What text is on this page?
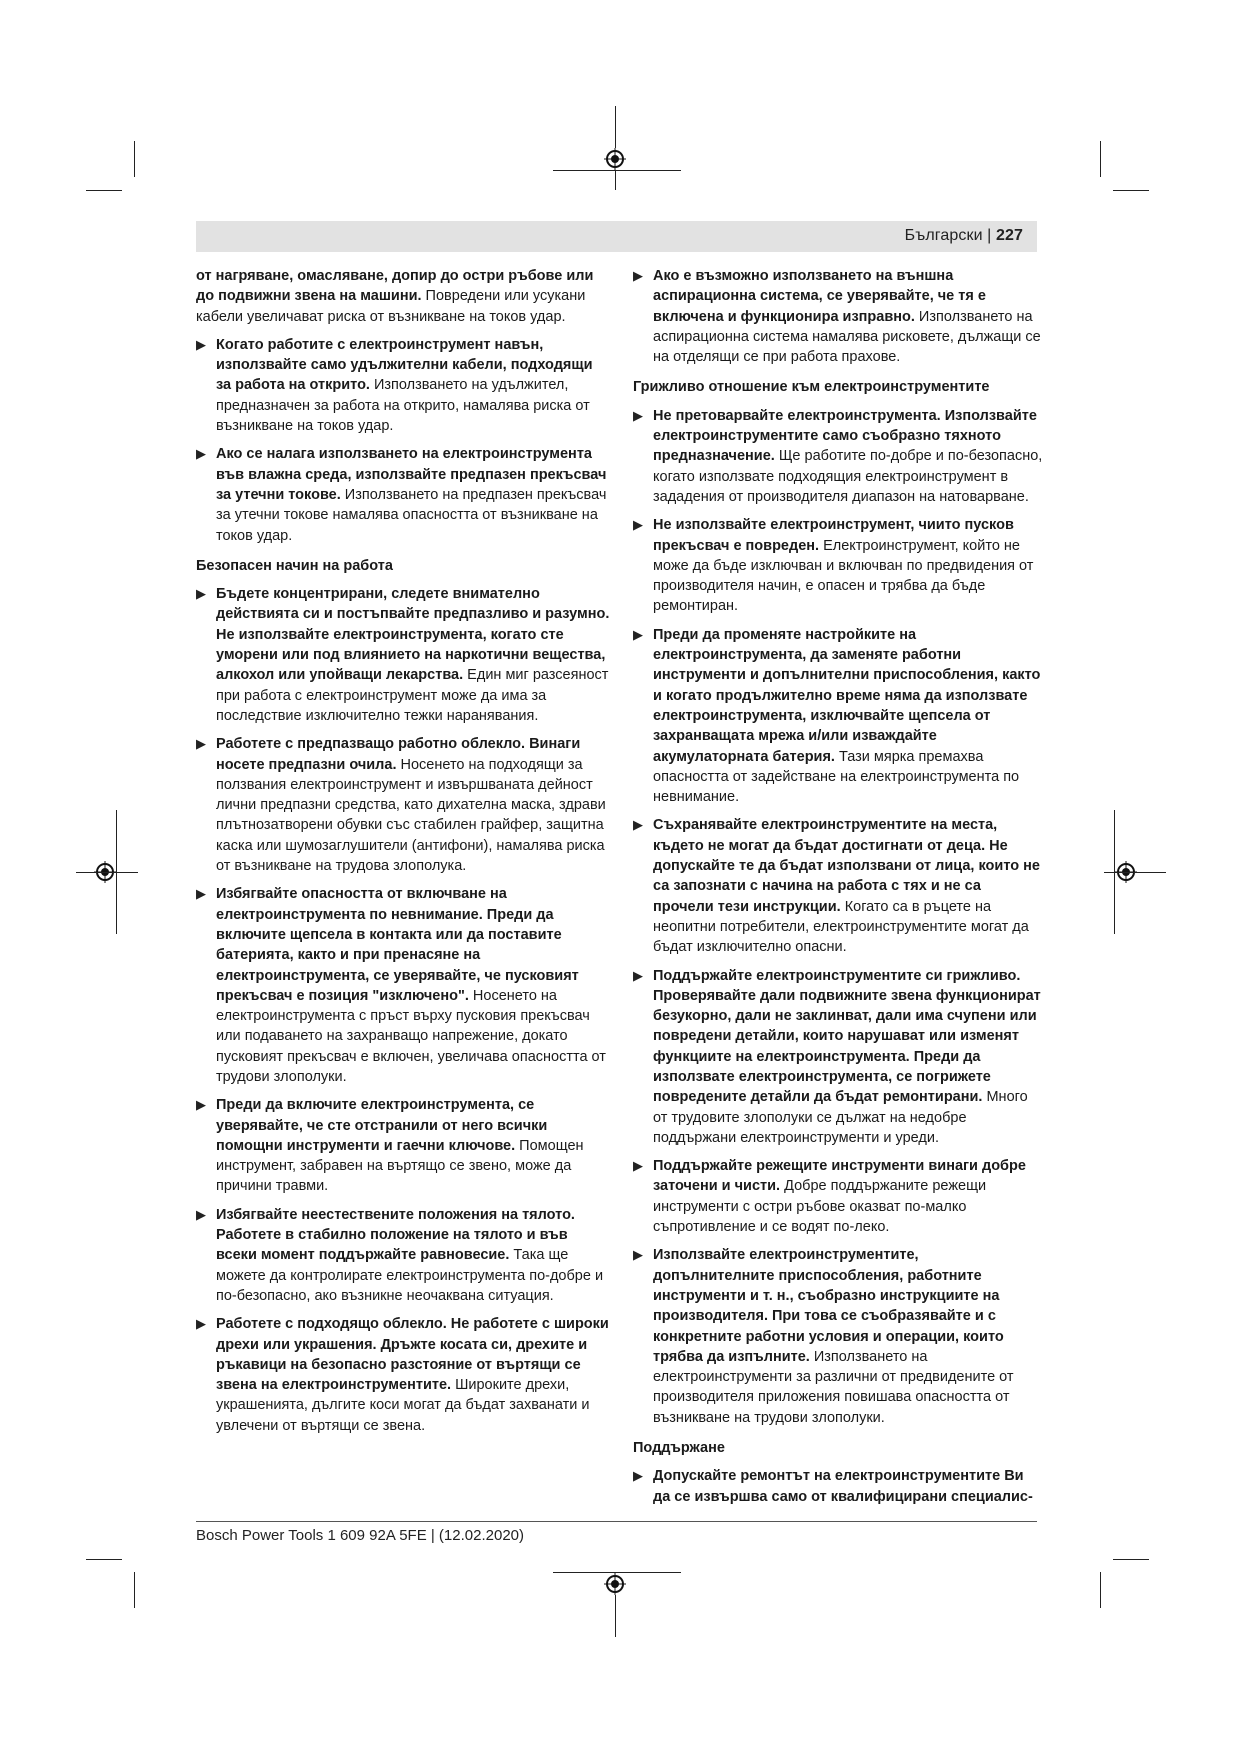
Български | 227
от нагряване, омасляване, допир до остри ръбове или до подвижни звена на машини. Повредени или усукани кабели увеличават риска от възникване на токов удар.
▶ Когато работите с електроинструмент навън, използвайте само удължителни кабели, подходящи за работа на открито. Използването на удължител, предназначен за работа на открито, намалява риска от възникване на токов удар.
▶ Ако се налага използването на електроинструмента във влажна среда, използвайте предпазен прекъсвач за утечни токове. Използването на предпазен прекъсвач за утечни токове намалява опасността от възникване на токов удар.
Безопасен начин на работа
▶ Бъдете концентрирани, следете внимателно действията си и постъпвайте предпазливо и разумно. Не използвайте електроинструмента, когато сте уморени или под влиянието на наркотични вещества, алкохол или упойващи лекарства. Един миг разсеяност при работа с електроинструмент може да има за последствие изключително тежки наранявания.
▶ Работете с предпазващо работно облекло. Винаги носете предпазни очила. Носенето на подходящи за ползвания електроинструмент и извършваната дейност лични предпазни средства, като дихателна маска, здрави плътнозатворени обувки със стабилен грайфер, защитна каска или шумозаглушители (антифони), намалява риска от възникване на трудова злополука.
▶ Избягвайте опасността от включване на електроинструмента по невнимание. Преди да включите щепсела в контакта или да поставите батерията, както и при пренасяне на електроинструмента, се уверявайте, че пусковият прекъсвач е позиция "изключено". Носенето на електроинструмента с пръст върху пусковия прекъсвач или подаването на захранващо напрежение, докато пусковият прекъсвач е включен, увеличава опасността от трудови злополуки.
▶ Преди да включите електроинструмента, се уверявайте, че сте отстранили от него всички помощни инструменти и гаечни ключове. Помощен инструмент, забравен на въртящо се звено, може да причини травми.
▶ Избягвайте неестествените положения на тялото. Работете в стабилно положение на тялото и във всеки момент поддържайте равновесие. Така ще можете да контролирате електроинструмента по-добре и по-безопасно, ако възникне неочаквана ситуация.
▶ Работете с подходящо облекло. Не работете с широки дрехи или украшения. Дръжте косата си, дрехите и ръкавици на безопасно разстояние от въртящи се звена на електроинструментите. Широките дрехи, украшенията, дългите коси могат да бъдат захванати и увлечени от въртящи се звена.
▶ Ако е възможно използването на външна аспирационна система, се уверявайте, че тя е включена и функционира изправно. Използването на аспирационна система намалява рисковете, дължащи се на отделящи се при работа прахове.
Грижливо отношение към електроинструментите
▶ Не претоварвайте електроинструмента. Използвайте електроинструментите само съобразно тяхното предназначение. Ще работите по-добре и по-безопасно, когато използвате подходящия електроинструмент в зададения от производителя диапазон на натоварване.
▶ Не използвайте електроинструмент, чиито пусков прекъсвач е повреден. Електроинструмент, който не може да бъде изключван и включван по предвидения от производителя начин, е опасен и трябва да бъде ремонтиран.
▶ Преди да променяте настройките на електроинструмента, да заменяте работни инструменти и допълнителни приспособления, както и когато продължително време няма да използвате електроинструмента, изключвайте щепсела от захранващата мрежа и/или изваждайте акумулаторната батерия. Тази мярка премахва опасността от задействане на електроинструмента по невнимание.
▶ Съхранявайте електроинструментите на места, където не могат да бъдат достигнати от деца. Не допускайте те да бъдат използвани от лица, които не са запознати с начина на работа с тях и не са прочели тези инструкции. Когато са в ръцете на неопитни потребители, електроинструментите могат да бъдат изключително опасни.
▶ Поддържайте електроинструментите си грижливо. Проверявайте дали подвижните звена функционират безукорно, дали не заклинват, дали има счупени или повредени детайли, които нарушават или изменят функциите на електроинструмента. Преди да използвате електроинструмента, се погрижете повредените детайли да бъдат ремонтирани. Много от трудовите злополуки се дължат на недобре поддържани електроинструменти и уреди.
▶ Поддържайте режещите инструменти винаги добре заточени и чисти. Добре поддържаните режещи инструменти с остри ръбове оказват по-малко съпротивление и се водят по-леко.
▶ Използвайте електроинструментите, допълнителните приспособления, работните инструменти и т. н., съобразно инструкциите на производителя. При това се съобразявайте и с конкретните работни условия и операции, които трябва да изпълните. Използването на електроинструменти за различни от предвидените от производителя приложения повишава опасността от възникване на трудови злополуки.
Поддържане
▶ Допускайте ремонтът на електроинструментите Ви да се извършва само от квалифицирани специалис-
Bosch Power Tools 1 609 92A 5FE | (12.02.2020)
